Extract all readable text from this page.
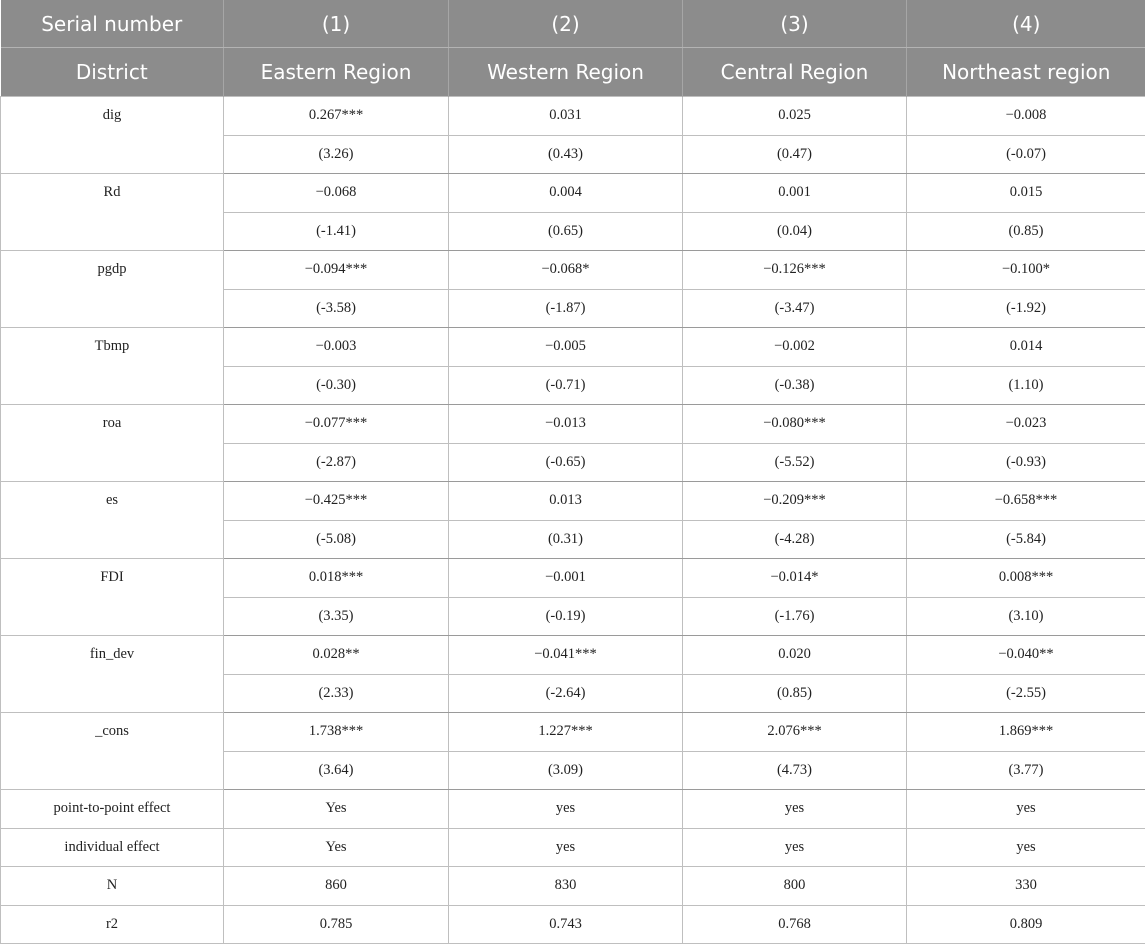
Serial number	(1)	(2)	(3)	(4)
District	Eastern Region	Western Region	Central Region	Northeast region
dig	0.267***	0.031	0.025	−0.008
	(3.26)	(0.43)	(0.47)	(-0.07)
Rd	−0.068	0.004	0.001	0.015
	(-1.41)	(0.65)	(0.04)	(0.85)
pgdp	−0.094***	−0.068*	−0.126***	−0.100*
	(-3.58)	(-1.87)	(-3.47)	(-1.92)
Tbmp	−0.003	−0.005	−0.002	0.014
	(-0.30)	(-0.71)	(-0.38)	(1.10)
roa	−0.077***	−0.013	−0.080***	−0.023
	(-2.87)	(-0.65)	(-5.52)	(-0.93)
es	−0.425***	0.013	−0.209***	−0.658***
	(-5.08)	(0.31)	(-4.28)	(-5.84)
FDI	0.018***	−0.001	−0.014*	0.008***
	(3.35)	(-0.19)	(-1.76)	(3.10)
fin_dev	0.028**	−0.041***	0.020	−0.040**
	(2.33)	(-2.64)	(0.85)	(-2.55)
_cons	1.738***	1.227***	2.076***	1.869***
	(3.64)	(3.09)	(4.73)	(3.77)
point-to-point effect	Yes	yes	yes	yes
individual effect	Yes	yes	yes	yes
N	860	830	800	330
r2	0.785	0.743	0.768	0.809
